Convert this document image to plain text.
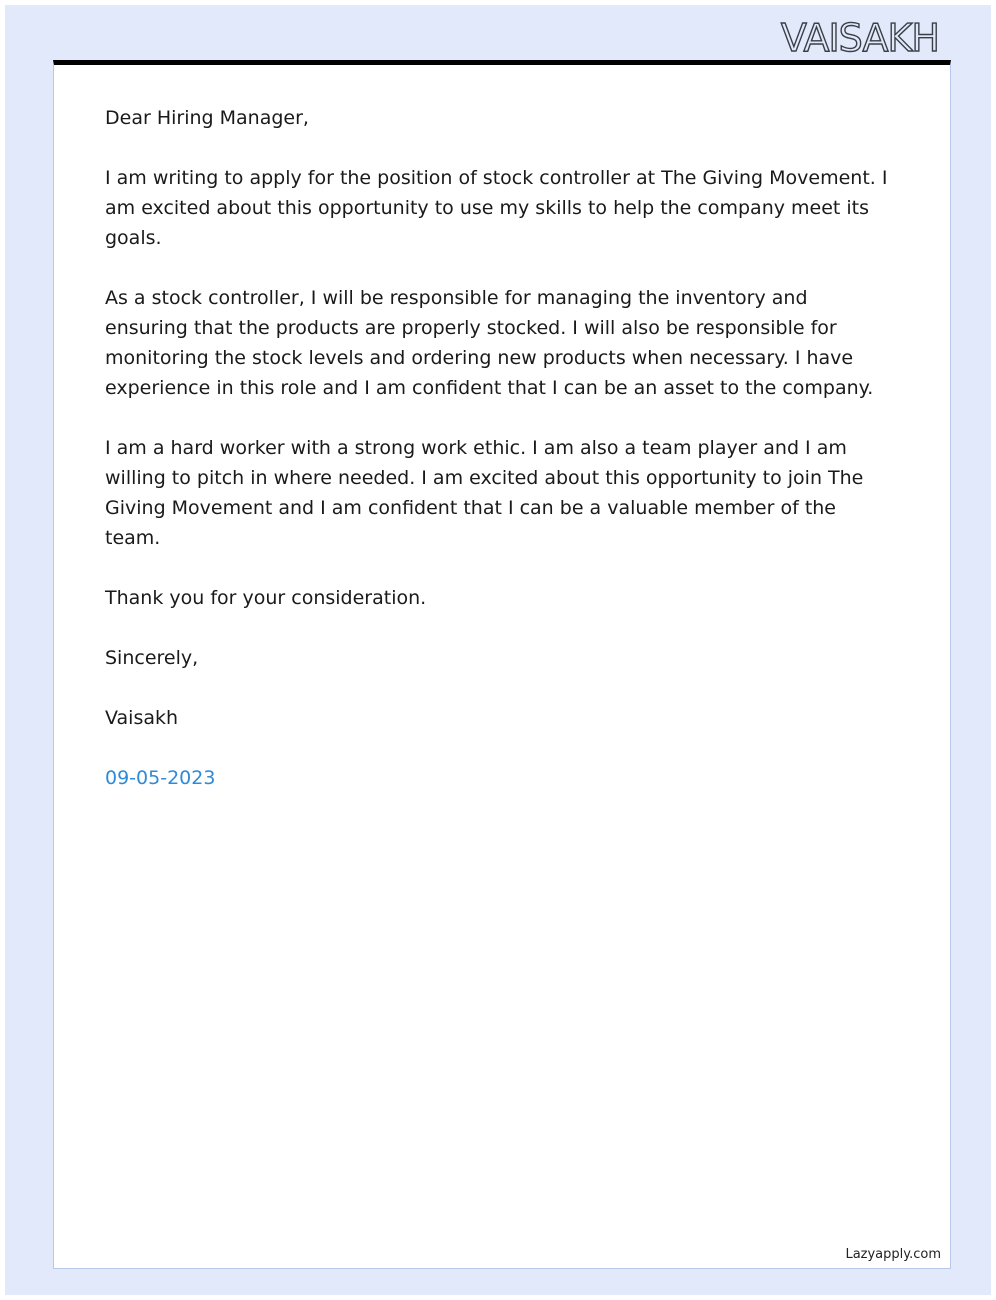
VAISAKH

Dear Hiring Manager,

I am writing to apply for the position of stock controller at The Giving Movement. I am excited about this opportunity to use my skills to help the company meet its goals.

As a stock controller, I will be responsible for managing the inventory and ensuring that the products are properly stocked. I will also be responsible for monitoring the stock levels and ordering new products when necessary. I have experience in this role and I am confident that I can be an asset to the company.

I am a hard worker with a strong work ethic. I am also a team player and I am willing to pitch in where needed. I am excited about this opportunity to join The Giving Movement and I am confident that I can be a valuable member of the team.

Thank you for your consideration.

Sincerely,

Vaisakh

09-05-2023
Lazyapply.com
